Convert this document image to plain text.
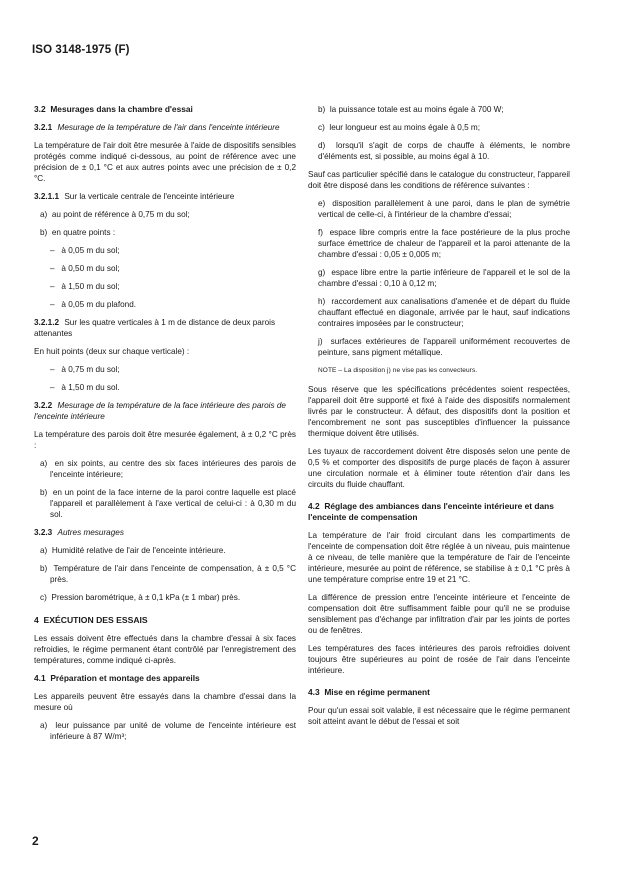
ISO 3148-1975 (F)
3.2 Mesurages dans la chambre d'essai
3.2.1 Mesurage de la température de l'air dans l'enceinte intérieure

La température de l'air doit être mesurée à l'aide de dispositifs sensibles protégés comme indiqué ci-dessous, au point de référence avec une précision de ± 0,1 °C et aux autres points avec une précision de ± 0,2 °C.

3.2.1.1 Sur la verticale centrale de l'enceinte intérieure
a)  au point de référence à 0,75 m du sol;
b)  en quatre points :
–   à 0,05 m du sol;
–   à 0,50 m du sol;
–   à 1,50 m du sol;
–   à 0,05 m du plafond.
3.2.1.2 Sur les quatre verticales à 1 m de distance de deux parois attenantes

En huit points (deux sur chaque verticale) :

–   à 0,75 m du sol;
–   à 1,50 m du sol.
3.2.2 Mesurage de la température de la face intérieure des parois de l'enceinte intérieure

La température des parois doit être mesurée également, à ± 0,2 °C près :

a)  en six points, au centre des six faces intérieures des parois de l'enceinte intérieure;
b)  en un point de la face interne de la paroi contre laquelle est placé l'appareil et parallèlement à l'axe vertical de celui-ci : à 0,30 m du sol.
3.2.3 Autres mesurages
a)  Humidité relative de l'air de l'enceinte intérieure.
b)  Température de l'air dans l'enceinte de compensation, à ± 0,5 °C près.
c)  Pression barométrique, à ± 0,1 kPa (± 1 mbar) près.
4  EXÉCUTION DES ESSAIS

Les essais doivent être effectués dans la chambre d'essai à six faces refroidies, le régime permanent étant contrôlé par l'enregistrement des températures, comme indiqué ci-après.

4.1 Préparation et montage des appareils

Les appareils peuvent être essayés dans la chambre d'essai dans la mesure où

a)  leur puissance par unité de volume de l'enceinte intérieure est inférieure à 87 W/m³;
b)  la puissance totale est au moins égale à 700 W;
c)  leur longueur est au moins égale à 0,5 m;
d)  lorsqu'il s'agit de corps de chauffe à éléments, le nombre d'éléments est, si possible, au moins égal à 10.

Sauf cas particulier spécifié dans le catalogue du constructeur, l'appareil doit être disposé dans les conditions de référence suivantes :

e)  disposition parallèlement à une paroi, dans le plan de symétrie vertical de celle-ci, à l'intérieur de la chambre d'essai;
f)  espace libre compris entre la face postérieure de la plus proche surface émettrice de chaleur de l'appareil et la paroi attenante de la chambre d'essai : 0,05 ± 0,005 m;
g)  espace libre entre la partie inférieure de l'appareil et le sol de la chambre d'essai : 0,10 à 0,12 m;
h)  raccordement aux canalisations d'amenée et de départ du fluide chauffant effectué en diagonale, arrivée par le haut, sauf indications contraires imposées par le constructeur;
j)  surfaces extérieures de l'appareil uniformément recouvertes de peinture, sans pigment métallique.
NOTE – La disposition j) ne vise pas les convecteurs.

Sous réserve que les spécifications précédentes soient respectées, l'appareil doit être supporté et fixé à l'aide des dispositifs normalement livrés par le constructeur. À défaut, des dispositifs dont la position et l'encombrement ne sont pas susceptibles d'influencer la puissance thermique doivent être utilisés.

Les tuyaux de raccordement doivent être disposés selon une pente de 0,5 % et comporter des dispositifs de purge placés de façon à assurer une circulation normale et à éliminer toute rétention d'air dans les circuits du fluide chauffant.

4.2 Réglage des ambiances dans l'enceinte intérieure et dans l'enceinte de compensation

La température de l'air froid circulant dans les compartiments de l'enceinte de compensation doit être réglée à un niveau, puis maintenue à ce niveau, de telle manière que la température de l'air de l'enceinte intérieure, mesurée au point de référence, se stabilise à ± 0,1 °C près à une température comprise entre 19 et 21 °C.

La différence de pression entre l'enceinte intérieure et l'enceinte de compensation doit être suffisamment faible pour qu'il ne se produise sensiblement pas d'échange par infiltration d'air par les joints de portes ou de fenêtres.

Les températures des faces intérieures des parois refroidies doivent toujours être supérieures au point de rosée de l'air dans l'enceinte intérieure.

4.3 Mise en régime permanent

Pour qu'un essai soit valable, il est nécessaire que le régime permanent soit atteint avant le début de l'essai et soit

2
